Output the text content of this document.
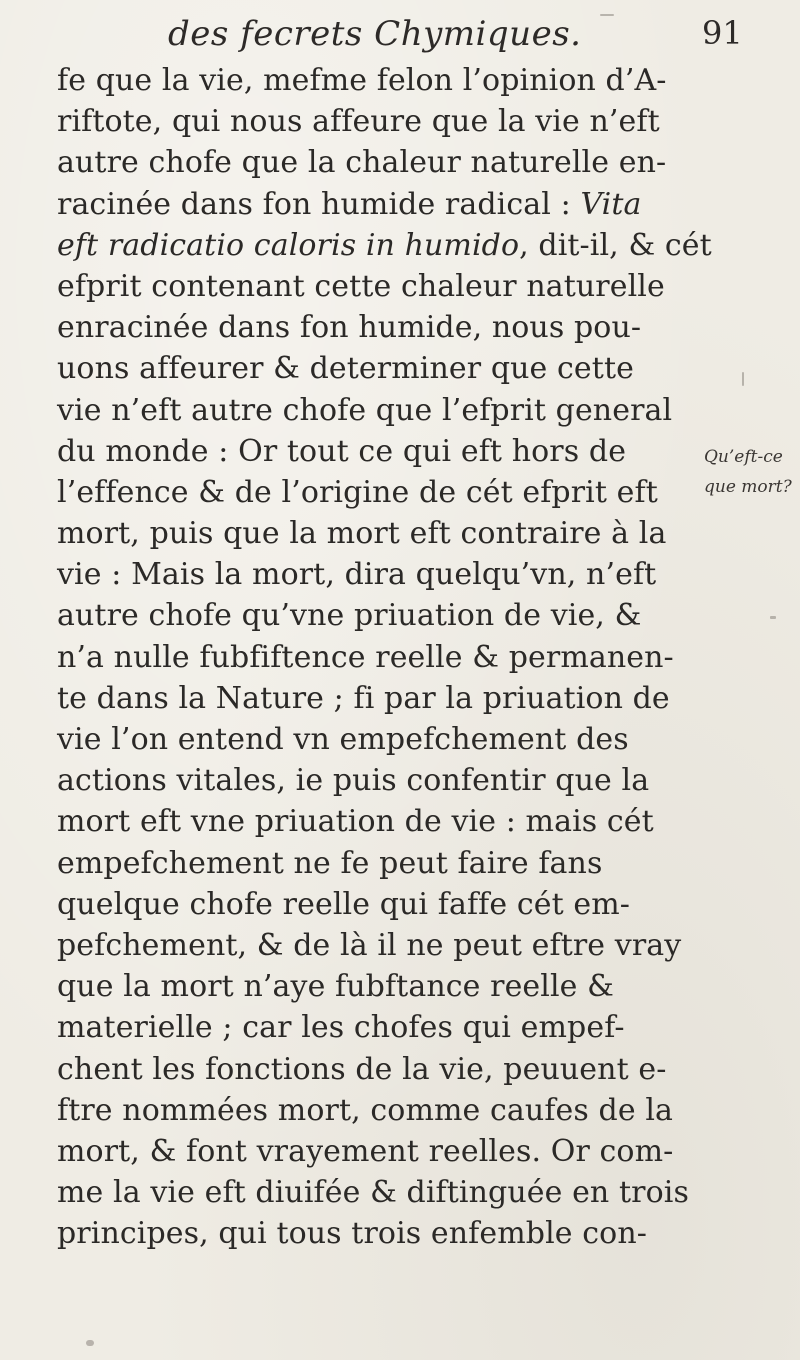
des fecrets Chymiques.	91
fe que la vie, mefme felon l’opinion d’A-
riftote, qui nous affeure que la vie n’eft
autre chofe que la chaleur naturelle en-
racinée dans fon humide radical : Vita
eft radicatio caloris in humido, dit-il, & cét
efprit contenant cette chaleur naturelle
enracinée dans fon humide, nous pou-
uons affeurer & determiner que cette
vie n’eft autre chofe que l’efprit general
du monde : Or tout ce qui eft hors de
l’effence & de l’origine de cét efprit eft
mort, puis que la mort eft contraire à la
vie : Mais la mort, dira quelqu’vn, n’eft
autre chofe qu’vne priuation de vie, &
n’a nulle fubfiftence reelle & permanen-
te dans la Nature ; fi par la priuation de
vie l’on entend vn empefchement des
actions vitales, ie puis confentir que la
mort eft vne priuation de vie : mais cét
empefchement ne fe peut faire fans
quelque chofe reelle qui faffe cét em-
pefchement, & de là il ne peut eftre vray
que la mort n’aye fubftance reelle &
materielle ; car les chofes qui empef-
chent les fonctions de la vie, peuuent e-
ftre nommées mort, comme caufes de la
mort, & font vrayement reelles. Or com-
me la vie eft diuifée & diftinguée en trois
principes, qui tous trois enfemble con-
Qu’eft-ce
que mort?
